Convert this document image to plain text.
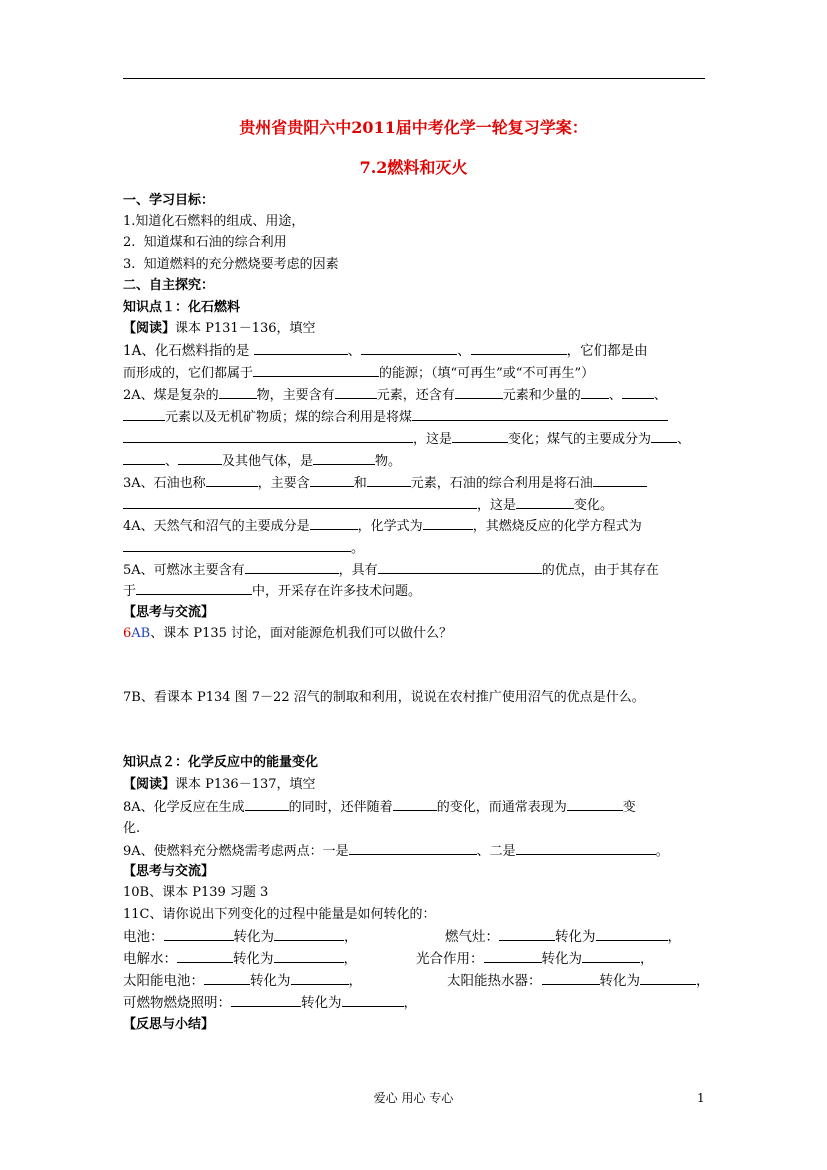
贵州省贵阳六中2011届中考化学一轮复习学案：
7.2燃料和灭火
一、学习目标：
1.知道化石燃料的组成、用途，
2.  知道煤和石油的综合利用
3.  知道燃料的充分燃烧要考虑的因素
二、自主探究：
知识点１：化石燃料
【阅读】课本 P131－136，填空
1A、化石燃料指的是	、	、	，它们都是由
而形成的，它们都属于	的能源；（填“可再生”或“不可再生”）
2A、煤是复杂的	物，主要含有	元素，还含有	元素和少量的 、 、
元素以及无机矿物质；煤的综合利用是将煤
，这是	变化；煤气的主要成分为 、
、	及其他气体，是	物。
3A、石油也称	，主要含	和	元素，石油的综合利用是将石油
，这是	变化。
4A、天然气和沼气的主要成分是	，化学式为	，其燃烧反应的化学方程式为
。
5A、可燃冰主要含有	，具有	的优点，由于其存在
于	中，开采存在许多技术问题。
【思考与交流】
6AB、课本 P135 讨论，面对能源危机我们可以做什么？
7B、看课本 P134 图 7－22 沼气的制取和利用，说说在农村推广使用沼气的优点是什么。
知识点２：化学反应中的能量变化
【阅读】课本 P136－137，填空
8A、化学反应在生成	的同时，还伴随着	的变化，而通常表现为	变
化.
9A、使燃料充分燃烧需考虑两点：一是	、二是	。
【思考与交流】
10B、课本 P139 习题 3
11C、请你说出下列变化的过程中能量是如何转化的：
电池：	转化为	，	燃气灶：	转化为	，
电解水：	转化为	，	光合作用：	转化为	，
太阳能电池：	转化为	，	太阳能热水器：	转化为	，
可燃物燃烧照明：	转化为	，
【反思与小结】
爱心 用心 专心	1
